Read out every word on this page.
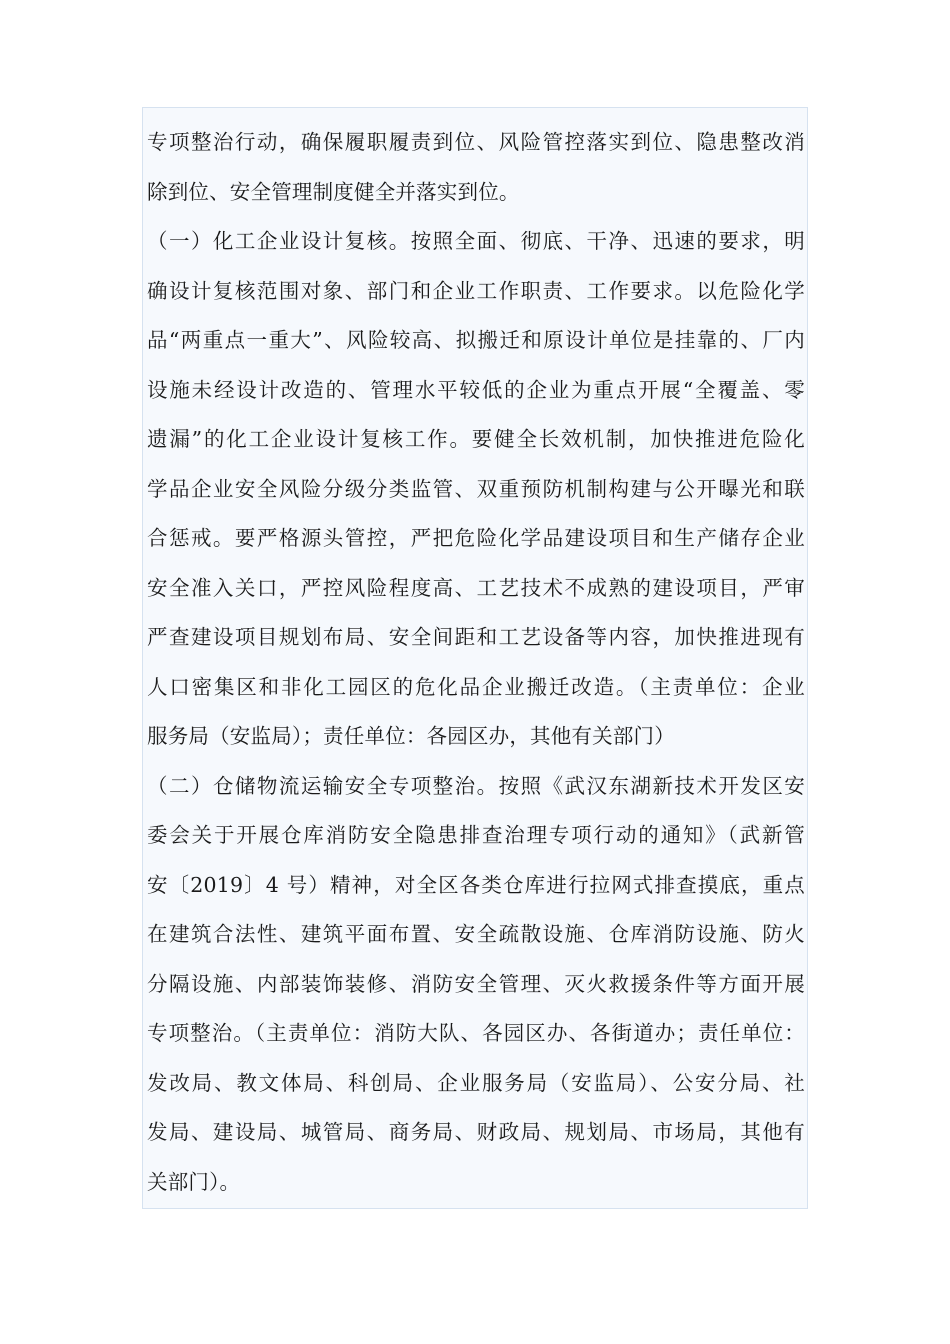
专项整治行动，确保履职履责到位、风险管控落实到位、隐患整改消
除到位、安全管理制度健全并落实到位。
（一）化工企业设计复核。按照全面、彻底、干净、迅速的要求，明
确设计复核范围对象、部门和企业工作职责、工作要求。以危险化学
品“两重点一重大”、风险较高、拟搬迁和原设计单位是挂靠的、厂内
设施未经设计改造的、管理水平较低的企业为重点开展“全覆盖、零
遗漏”的化工企业设计复核工作。要健全长效机制，加快推进危险化
学品企业安全风险分级分类监管、双重预防机制构建与公开曝光和联
合惩戒。要严格源头管控，严把危险化学品建设项目和生产储存企业
安全准入关口，严控风险程度高、工艺技术不成熟的建设项目，严审
严查建设项目规划布局、安全间距和工艺设备等内容，加快推进现有
人口密集区和非化工园区的危化品企业搬迁改造。（主责单位：企业
服务局（安监局）；责任单位：各园区办，其他有关部门）
（二）仓储物流运输安全专项整治。按照《武汉东湖新技术开发区安
委会关于开展仓库消防安全隐患排查治理专项行动的通知》（武新管
安〔2019〕4 号）精神，对全区各类仓库进行拉网式排查摸底，重点
在建筑合法性、建筑平面布置、安全疏散设施、仓库消防设施、防火
分隔设施、内部装饰装修、消防安全管理、灭火救援条件等方面开展
专项整治。（主责单位：消防大队、各园区办、各街道办；责任单位：
发改局、教文体局、科创局、企业服务局（安监局）、公安分局、社
发局、建设局、城管局、商务局、财政局、规划局、市场局，其他有
关部门）。
